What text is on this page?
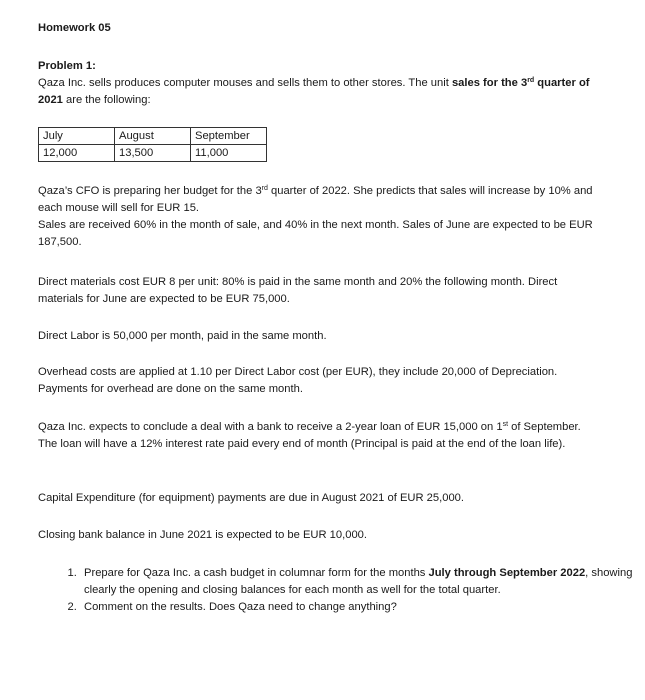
Homework 05

Problem 1:

Qaza Inc. sells produces computer mouses and sells them to other stores. The unit sales for the 3rd quarter of 2021 are the following:

July	August	September
12,000	13,500	11,000

Qaza’s CFO is preparing her budget for the 3rd quarter of 2022. She predicts that sales will increase by 10% and each mouse will sell for EUR 15.
Sales are received 60% in the month of sale, and 40% in the next month. Sales of June are expected to be EUR 187,500.

Direct materials cost EUR 8 per unit: 80% is paid in the same month and 20% the following month. Direct materials for June are expected to be EUR 75,000.

Direct Labor is 50,000 per month, paid in the same month.

Overhead costs are applied at 1.10 per Direct Labor cost (per EUR), they include 20,000 of Depreciation. Payments for overhead are done on the same month.

Qaza Inc. expects to conclude a deal with a bank to receive a 2-year loan of EUR 15,000 on 1st of September. The loan will have a 12% interest rate paid every end of month (Principal is paid at the end of the loan life).

Capital Expenditure (for equipment) payments are due in August 2021 of EUR 25,000.

Closing bank balance in June 2021 is expected to be EUR 10,000.

1. Prepare for Qaza Inc. a cash budget in columnar form for the months July through September 2022, showing clearly the opening and closing balances for each month as well for the total quarter.
2. Comment on the results. Does Qaza need to change anything?
